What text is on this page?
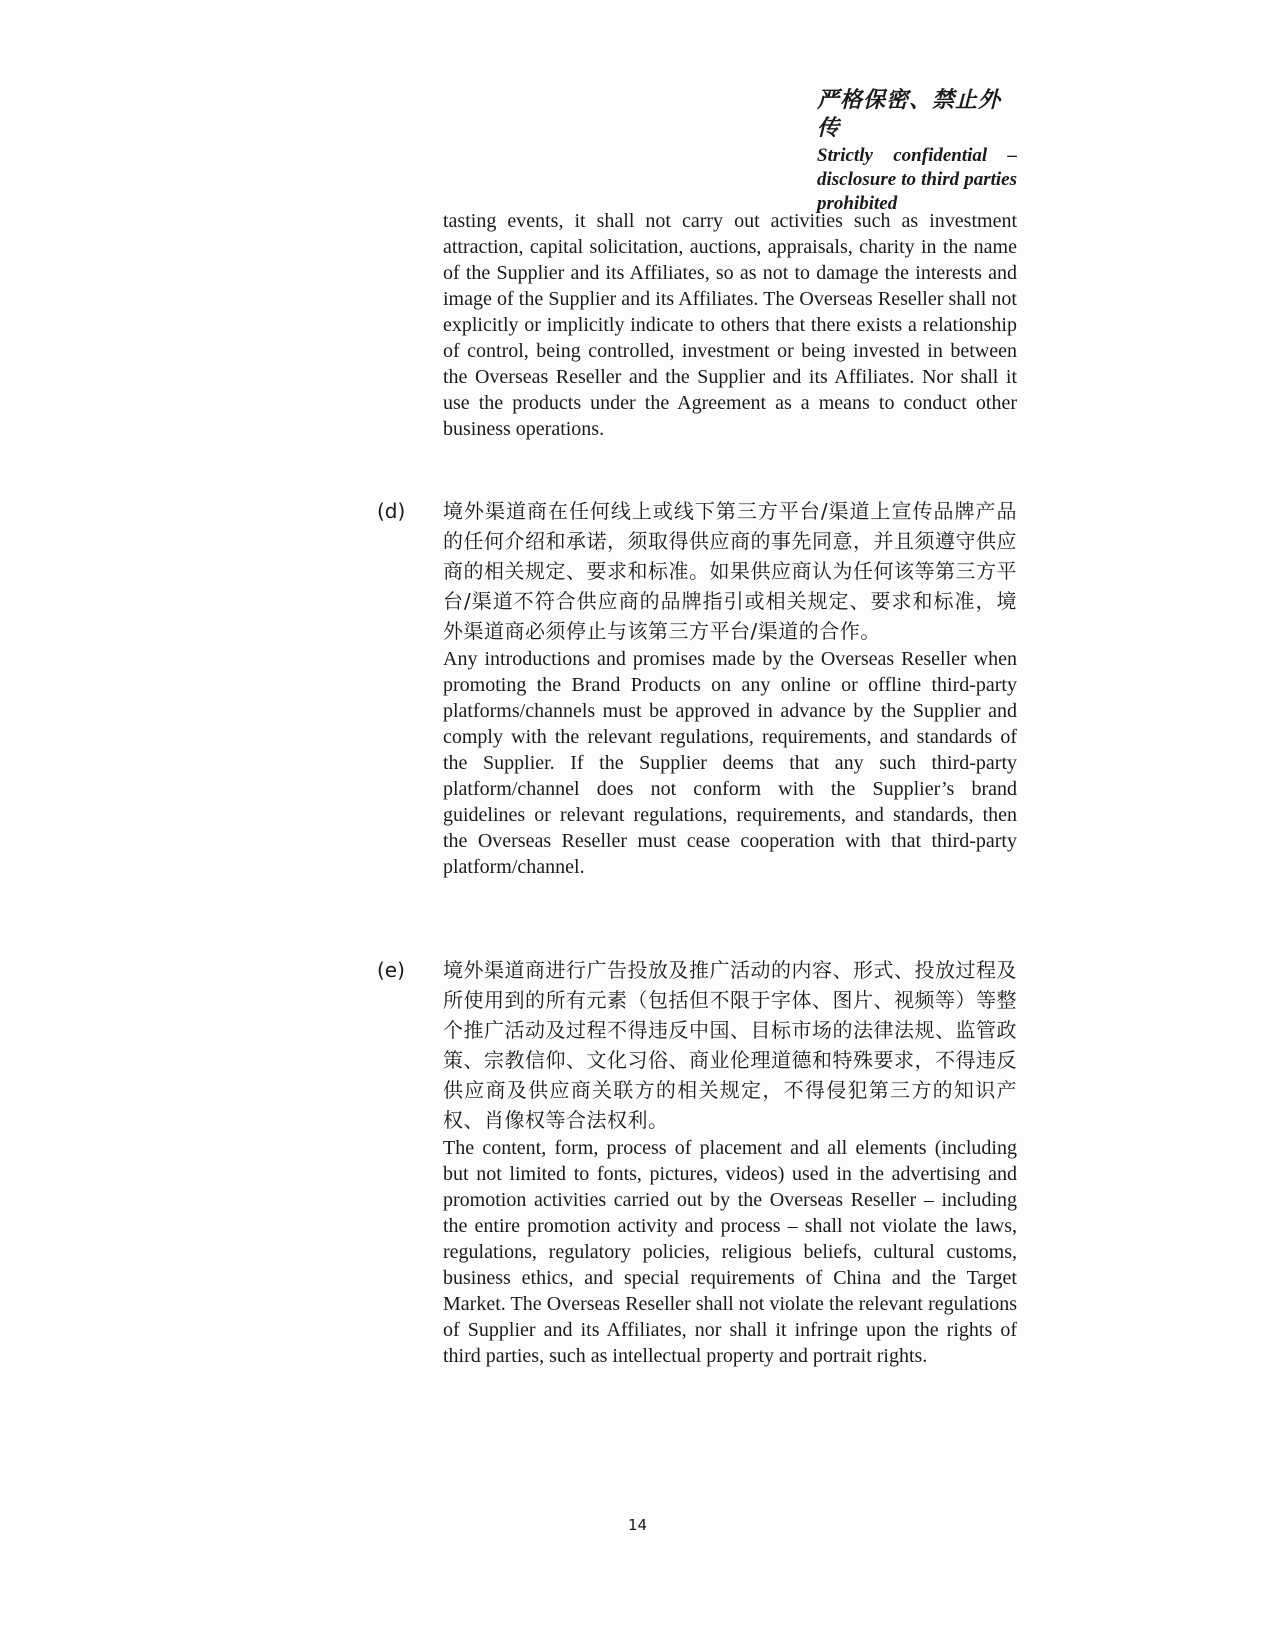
严格保密、禁止外传
Strictly confidential – disclosure to third parties prohibited

tasting events, it shall not carry out activities such as investment attraction, capital solicitation, auctions, appraisals, charity in the name of the Supplier and its Affiliates, so as not to damage the interests and image of the Supplier and its Affiliates. The Overseas Reseller shall not explicitly or implicitly indicate to others that there exists a relationship of control, being controlled, investment or being invested in between the Overseas Reseller and the Supplier and its Affiliates. Nor shall it use the products under the Agreement as a means to conduct other business operations.

(d) 境外渠道商在任何线上或线下第三方平台/渠道上宣传品牌产品的任何介绍和承诺，须取得供应商的事先同意，并且须遵守供应商的相关规定、要求和标准。如果供应商认为任何该等第三方平台/渠道不符合供应商的品牌指引或相关规定、要求和标准，境外渠道商必须停止与该第三方平台/渠道的合作。

Any introductions and promises made by the Overseas Reseller when promoting the Brand Products on any online or offline third-party platforms/channels must be approved in advance by the Supplier and comply with the relevant regulations, requirements, and standards of the Supplier. If the Supplier deems that any such third-party platform/channel does not conform with the Supplier’s brand guidelines or relevant regulations, requirements, and standards, then the Overseas Reseller must cease cooperation with that third-party platform/channel.

(e) 境外渠道商进行广告投放及推广活动的内容、形式、投放过程及所使用到的所有元素（包括但不限于字体、图片、视频等）等整个推广活动及过程不得违反中国、目标市场的法律法规、监管政策、宗教信仰、文化习俗、商业伦理道德和特殊要求，不得违反供应商及供应商关联方的相关规定，不得侵犯第三方的知识产权、肖像权等合法权利。

The content, form, process of placement and all elements (including but not limited to fonts, pictures, videos) used in the advertising and promotion activities carried out by the Overseas Reseller – including the entire promotion activity and process – shall not violate the laws, regulations, regulatory policies, religious beliefs, cultural customs, business ethics, and special requirements of China and the Target Market. The Overseas Reseller shall not violate the relevant regulations of Supplier and its Affiliates, nor shall it infringe upon the rights of third parties, such as intellectual property and portrait rights.

14
